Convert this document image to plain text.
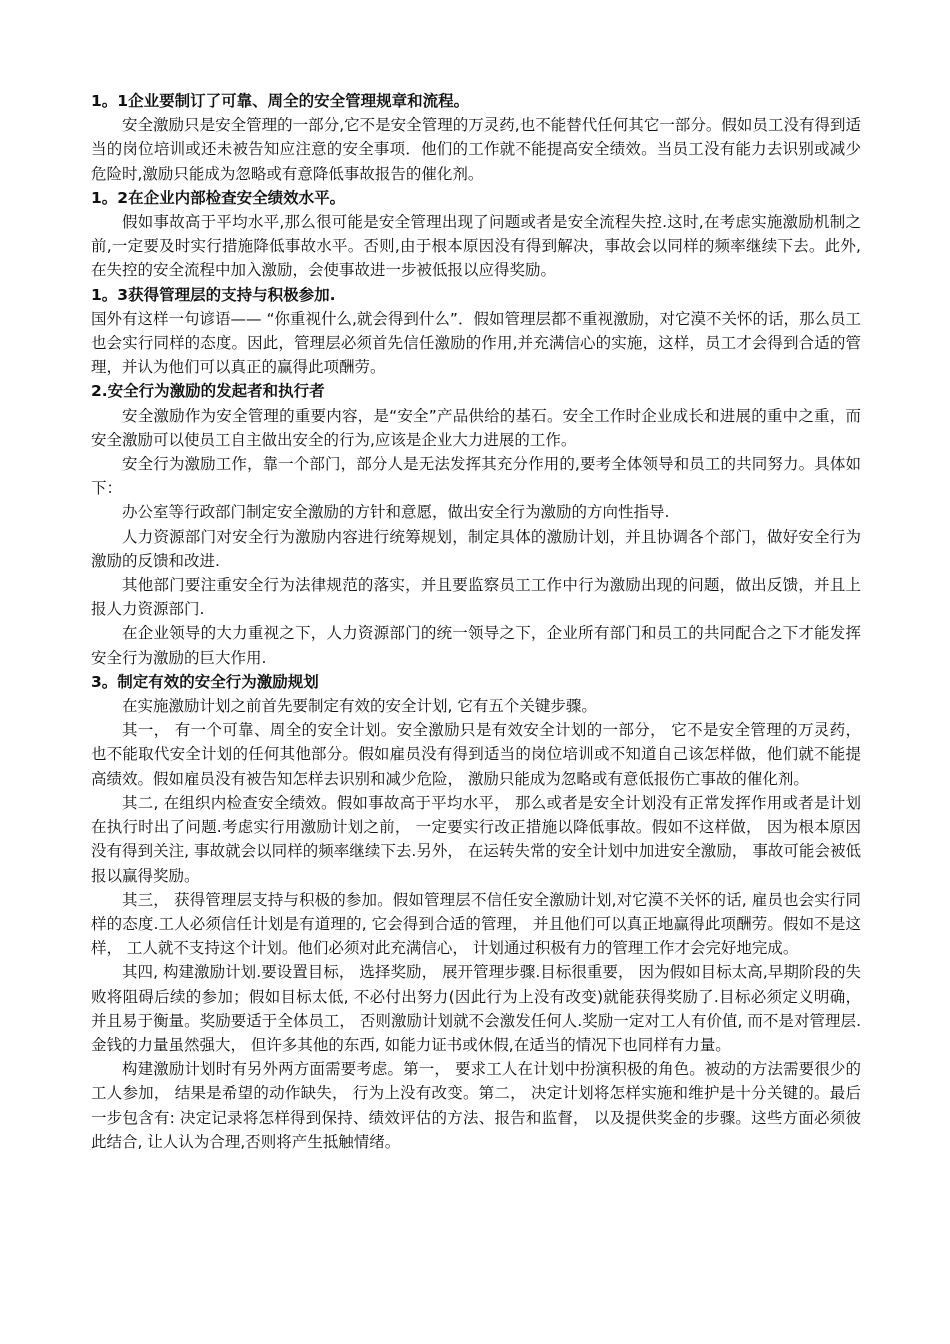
1。1企业要制订了可靠、周全的安全管理规章和流程。
安全激励只是安全管理的一部分,它不是安全管理的万灵药,也不能替代任何其它一部分。假如员工没有得到适当的岗位培训或还未被告知应注意的安全事项．他们的工作就不能提高安全绩效。当员工没有能力去识别或减少危险时,激励只能成为忽略或有意降低事故报告的催化剂。
1。2在企业内部检查安全绩效水平。
假如事故高于平均水平,那么很可能是安全管理出现了问题或者是安全流程失控.这时,在考虑实施激励机制之前,一定要及时实行措施降低事故水平。否则,由于根本原因没有得到解决，事故会以同样的频率继续下去。此外,在失控的安全流程中加入激励，会使事故进一步被低报以应得奖励。
1。3获得管理层的支持与积极参加.
国外有这样一句谚语—— “你重视什么,就会得到什么”．假如管理层都不重视激励，对它漠不关怀的话，那么员工也会实行同样的态度。因此，管理层必须首先信任激励的作用,并充满信心的实施，这样，员工才会得到合适的管理，并认为他们可以真正的赢得此项酬劳。
2.安全行为激励的发起者和执行者
安全激励作为安全管理的重要内容，是“安全”产品供给的基石。安全工作时企业成长和进展的重中之重，而安全激励可以使员工自主做出安全的行为,应该是企业大力进展的工作。
安全行为激励工作，靠一个部门，部分人是无法发挥其充分作用的,要考全体领导和员工的共同努力。具体如下：
办公室等行政部门制定安全激励的方针和意愿，做出安全行为激励的方向性指导.
人力资源部门对安全行为激励内容进行统筹规划，制定具体的激励计划，并且协调各个部门，做好安全行为激励的反馈和改进.
其他部门要注重安全行为法律规范的落实，并且要监察员工工作中行为激励出现的问题，做出反馈，并且上报人力资源部门.
在企业领导的大力重视之下，人力资源部门的统一领导之下，企业所有部门和员工的共同配合之下才能发挥安全行为激励的巨大作用.
3。制定有效的安全行为激励规划
在实施激励计划之前首先要制定有效的安全计划, 它有五个关键步骤。
其一， 有一个可靠、周全的安全计划。安全激励只是有效安全计划的一部分， 它不是安全管理的万灵药， 也不能取代安全计划的任何其他部分。假如雇员没有得到适当的岗位培训或不知道自己该怎样做，他们就不能提高绩效。假如雇员没有被告知怎样去识别和减少危险， 激励只能成为忽略或有意低报伤亡事故的催化剂。
其二, 在组织内检查安全绩效。假如事故高于平均水平， 那么或者是安全计划没有正常发挥作用或者是计划在执行时出了问题.考虑实行用激励计划之前， 一定要实行改正措施以降低事故。假如不这样做， 因为根本原因没有得到关注, 事故就会以同样的频率继续下去.另外， 在运转失常的安全计划中加进安全激励， 事故可能会被低报以赢得奖励。
其三， 获得管理层支持与积极的参加。假如管理层不信任安全激励计划,对它漠不关怀的话, 雇员也会实行同样的态度.工人必须信任计划是有道理的, 它会得到合适的管理， 并且他们可以真正地赢得此项酬劳。假如不是这样， 工人就不支持这个计划。他们必须对此充满信心， 计划通过积极有力的管理工作才会完好地完成。
其四, 构建激励计划.要设置目标， 选择奖励， 展开管理步骤.目标很重要， 因为假如目标太高,早期阶段的失败将阻碍后续的参加；假如目标太低, 不必付出努力(因此行为上没有改变)就能获得奖励了.目标必须定义明确， 并且易于衡量。奖励要适于全体员工， 否则激励计划就不会激发任何人.奖励一定对工人有价值, 而不是对管理层.金钱的力量虽然强大， 但许多其他的东西, 如能力证书或休假,在适当的情况下也同样有力量。
构建激励计划时有另外两方面需要考虑。第一， 要求工人在计划中扮演积极的角色。被动的方法需要很少的工人参加， 结果是希望的动作缺失， 行为上没有改变。第二， 决定计划将怎样实施和维护是十分关键的。最后一步包含有: 决定记录将怎样得到保持、绩效评估的方法、报告和监督， 以及提供奖金的步骤。这些方面必须彼此结合, 让人认为合理,否则将产生抵触情绪。
